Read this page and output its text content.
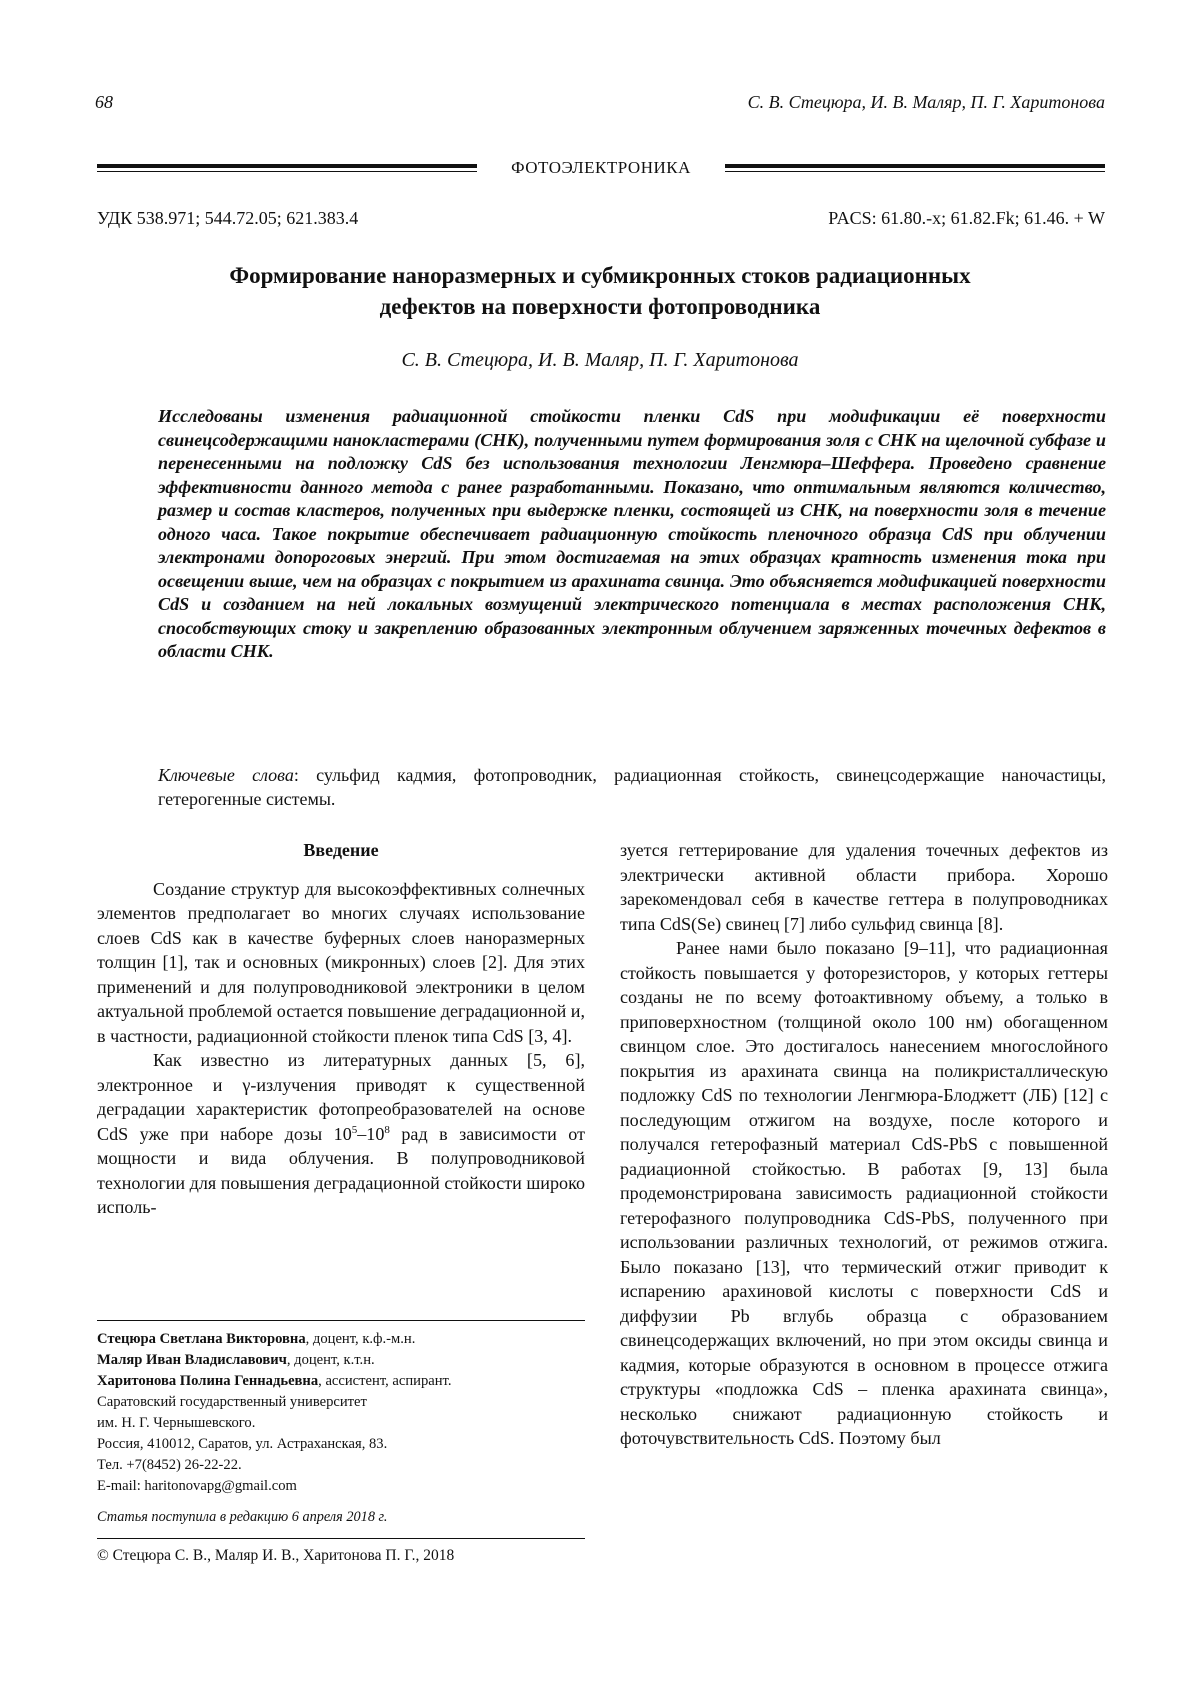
68	С. В. Стецюра, И. В. Маляр, П. Г. Харитонова
ФОТОЭЛЕКТРОНИКА
УДК 538.971; 544.72.05; 621.383.4	PACS: 61.80.-x; 61.82.Fk; 61.46. + W
Формирование наноразмерных и субмикронных стоков радиационных
дефектов на поверхности фотопроводника
С. В. Стецюра, И. В. Маляр, П. Г. Харитонова
Исследованы изменения радиационной стойкости пленки CdS при модификации её поверхности свинецсодержащими нанокластерами (СНК), полученными путем формирования золя с СНК на щелочной субфазе и перенесенными на подложку CdS без использования технологии Ленгмюра–Шеффера. Проведено сравнение эффективности данного метода с ранее разработанными. Показано, что оптимальным являются количество, размер и состав кластеров, полученных при выдержке пленки, состоящей из СНК, на поверхности золя в течение одного часа. Такое покрытие обеспечивает радиационную стойкость пленочного образца CdS при облучении электронами допороговых энергий. При этом достигаемая на этих образцах кратность изменения тока при освещении выше, чем на образцах с покрытием из арахината свинца. Это объясняется модификацией поверхности CdS и созданием на ней локальных возмущений электрического потенциала в местах расположения СНК, способствующих стоку и закреплению образованных электронным облучением заряженных точечных дефектов в области СНК.
Ключевые слова: сульфид кадмия, фотопроводник, радиационная стойкость, свинецсодержащие наночастицы, гетерогенные системы.
Введение

Создание структур для высокоэффективных солнечных элементов предполагает во многих случаях использование слоев CdS как в качестве буферных слоев наноразмерных толщин [1], так и основных (микронных) слоев [2]. Для этих применений и для полупроводниковой электроники в целом актуальной проблемой остается повышение деградационной и, в частности, радиационной стойкости пленок типа CdS [3, 4].

Как известно из литературных данных [5, 6], электронное и γ-излучения приводят к существенной деградации характеристик фотопреобразователей на основе CdS уже при наборе дозы $10^5-10^8$ рад в зависимости от мощности и вида облучения. В полупроводниковой технологии для повышения деградационной стойкости широко исполь-

зуется геттерирование для удаления точечных дефектов из электрически активной области прибора. Хорошо зарекомендовал себя в качестве геттера в полупроводниках типа CdS(Se) свинец [7] либо сульфид свинца [8].

Ранее нами было показано [9–11], что радиационная стойкость повышается у фоторезисторов, у которых геттеры созданы не по всему фотоактивному объему, а только в приповерхностном (толщиной около 100 нм) обогащенном свинцом слое. Это достигалось нанесением многослойного покрытия из арахината свинца на поликристаллическую подложку CdS по технологии Ленгмюра-Блоджетт (ЛБ) [12] с последующим отжигом на воздухе, после которого и получался гетерофазный материал CdS-PbS с повышенной радиационной стойкостью. В работах [9, 13] была продемонстрирована зависимость радиационной стойкости гетерофазного полупроводника CdS-PbS, полученного при использовании различных технологий, от режимов отжига. Было показано [13], что термический отжиг приводит к испарению арахиновой кислоты с поверхности CdS и диффузии Pb вглубь образца с образованием свинецсодержащих включений, но при этом оксиды свинца и кадмия, которые образуются в основном в процессе отжига структуры «подложка CdS – пленка арахината свинца», несколько снижают радиационную стойкость и фоточувствительность CdS. Поэтому был

Стецюра Светлана Викторовна, доцент, к.ф.-м.н.
Маляр Иван Владиславович, доцент, к.т.н.
Харитонова Полина Геннадьевна, ассистент, аспирант.
Саратовский государственный университет
им. Н. Г. Чернышевского.
Россия, 410012, Саратов, ул. Астраханская, 83.
Тел. +7(8452) 26-22-22.
E-mail: haritonovapg@gmail.com
Статья поступила в редакцию 6 апреля 2018 г.
© Стецюра С. В., Маляр И. В., Харитонова П. Г., 2018
